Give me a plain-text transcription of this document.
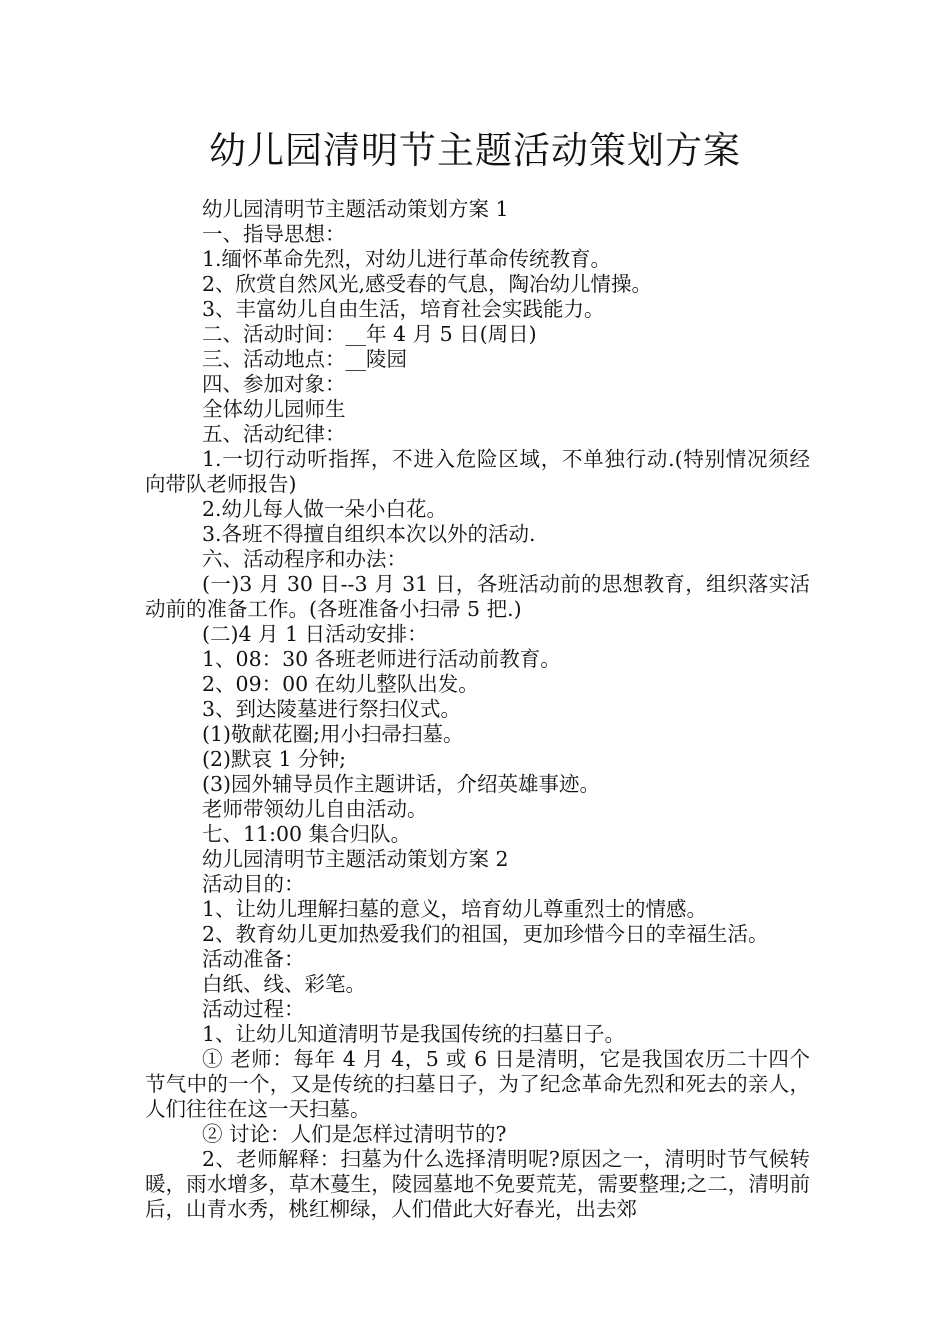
幼儿园清明节主题活动策划方案

幼儿园清明节主题活动策划方案 1

一、指导思想：

1.缅怀革命先烈，对幼儿进行革命传统教育。

2、欣赏自然风光,感受春的气息，陶冶幼儿情操。

3、丰富幼儿自由生活，培育社会实践能力。

二、活动时间：__年 4 月 5 日(周日)

三、活动地点：__陵园

四、参加对象：

全体幼儿园师生

五、活动纪律：

1.一切行动听指挥，不进入危险区域，不单独行动.(特别情况须经向带队老师报告)

2.幼儿每人做一朵小白花。

3.各班不得擅自组织本次以外的活动.

六、活动程序和办法：

(一)3 月 30 日--3 月 31 日，各班活动前的思想教育，组织落实活动前的准备工作。(各班准备小扫帚 5 把.)

(二)4 月 1 日活动安排：

1、08：30 各班老师进行活动前教育。

2、09：00 在幼儿整队出发。

3、到达陵墓进行祭扫仪式。

(1)敬献花圈;用小扫帚扫墓。

(2)默哀 1 分钟;

(3)园外辅导员作主题讲话，介绍英雄事迹。

老师带领幼儿自由活动。

七、11:00 集合归队。

幼儿园清明节主题活动策划方案 2

活动目的：

1、让幼儿理解扫墓的意义，培育幼儿尊重烈士的情感。

2、教育幼儿更加热爱我们的祖国，更加珍惜今日的幸福生活。

活动准备：

白纸、线、彩笔。

活动过程：

1、让幼儿知道清明节是我国传统的扫墓日子。

① 老师：每年 4 月 4，5 或 6 日是清明，它是我国农历二十四个节气中的一个，又是传统的扫墓日子，为了纪念革命先烈和死去的亲人，人们往往在这一天扫墓。

② 讨论：人们是怎样过清明节的?

2、老师解释：扫墓为什么选择清明呢?原因之一，清明时节气候转暖，雨水增多，草木蔓生，陵园墓地不免要荒芜，需要整理;之二，清明前后，山青水秀，桃红柳绿，人们借此大好春光，出去郊
